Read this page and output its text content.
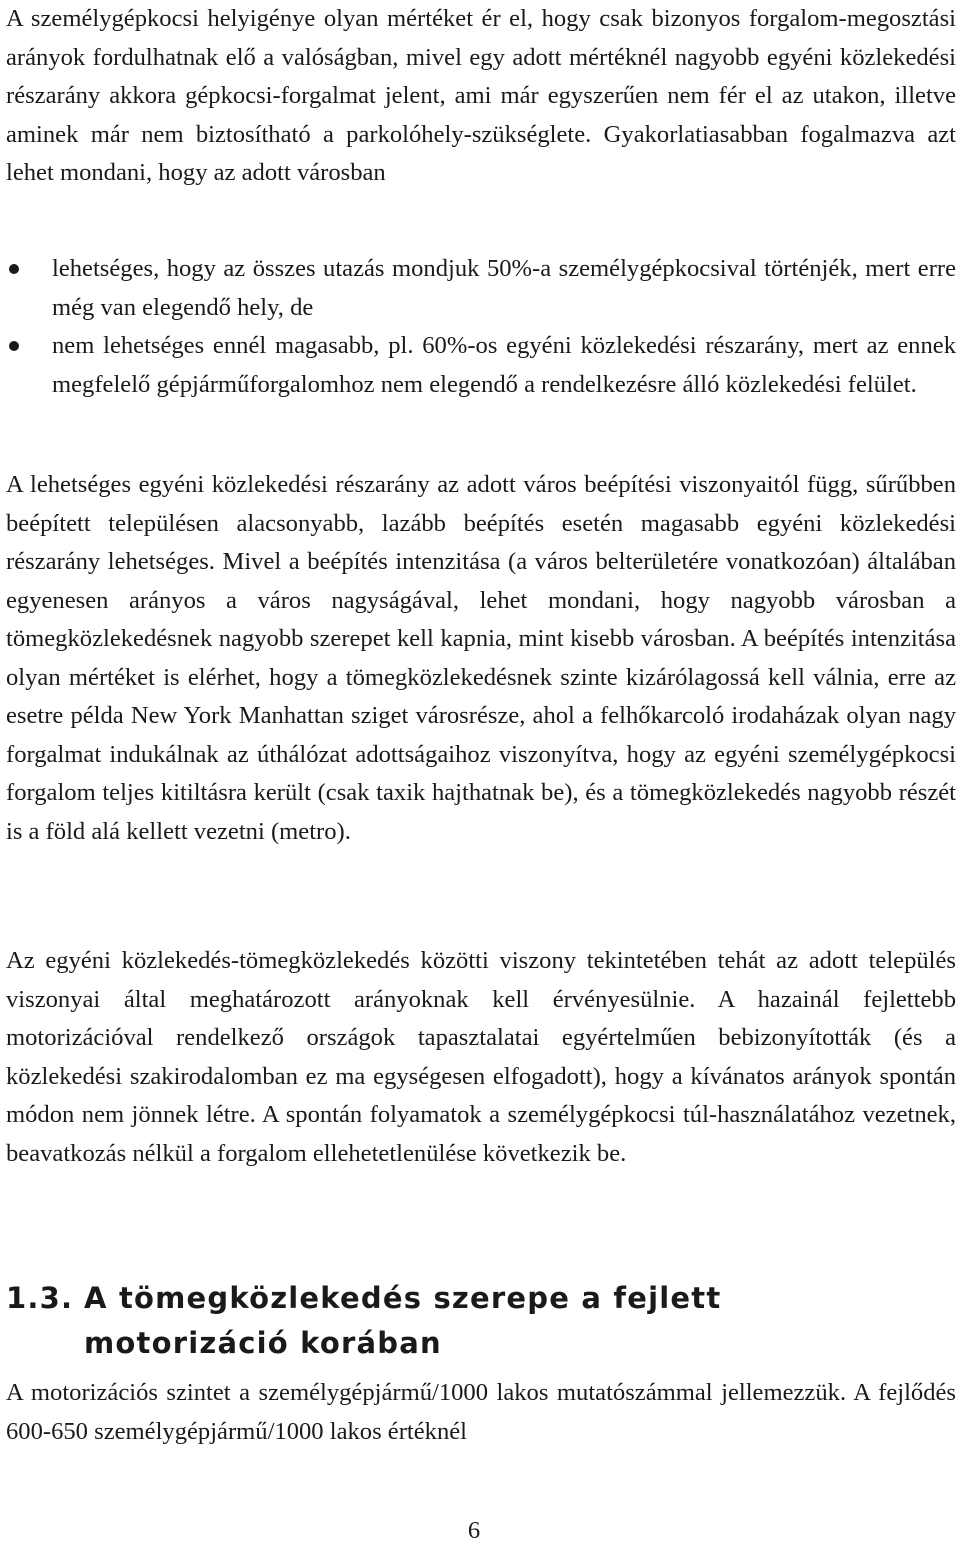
A személygépkocsi helyigénye olyan mértéket ér el, hogy csak bizonyos forgalom-megosztási arányok fordulhatnak elő a valóságban, mivel egy adott mértéknél nagyobb egyéni közlekedési részarány akkora gépkocsi-forgalmat jelent, ami már egyszerűen nem fér el az utakon, illetve aminek már nem biztosítható a parkolóhely-szükséglete. Gyakorlatiasabban fogalmazva azt lehet mondani, hogy az adott városban

lehetséges, hogy az összes utazás mondjuk 50%-a személygépkocsival történjék, mert erre még van elegendő hely, de
nem lehetséges ennél magasabb, pl. 60%-os egyéni közlekedési részarány, mert az ennek megfelelő gépjárműforgalomhoz nem elegendő a rendelkezésre álló közlekedési felület.

A lehetséges egyéni közlekedési részarány az adott város beépítési viszonyaitól függ, sűrűbben beépített településen alacsonyabb, lazább beépítés esetén magasabb egyéni közlekedési részarány lehetséges. Mivel a beépítés intenzitása (a város belterületére vonatkozóan) általában egyenesen arányos a város nagyságával, lehet mondani, hogy nagyobb városban a tömegközlekedésnek nagyobb szerepet kell kapnia, mint kisebb városban. A beépítés intenzitása olyan mértéket is elérhet, hogy a tömegközlekedésnek szinte kizárólagossá kell válnia, erre az esetre példa New York Manhattan sziget városrésze, ahol a felhőkarcoló irodaházak olyan nagy forgalmat indukálnak az úthálózat adottságaihoz viszonyítva, hogy az egyéni személygépkocsi forgalom teljes kitiltásra került (csak taxik hajthatnak be), és a tömegközlekedés nagyobb részét is a föld alá kellett vezetni (metro).

Az egyéni közlekedés-tömegközlekedés közötti viszony tekintetében tehát az adott település viszonyai által meghatározott arányoknak kell érvényesülnie. A hazainál fejlettebb motorizációval rendelkező országok tapasztalatai egyértelműen bebizonyították (és a közlekedési szakirodalomban ez ma egységesen elfogadott), hogy a kívánatos arányok spontán módon nem jönnek létre. A spontán folyamatok a személygépkocsi túl-használatához vezetnek, beavatkozás nélkül a forgalom ellehetetlenülése következik be.

1.3. A tömegközlekedés szerepe a fejlett
motorizáció korában

A motorizációs szintet a személygépjármű/1000 lakos mutatószámmal jellemezzük. A fejlődés 600-650 személygépjármű/1000 lakos értéknél

6
